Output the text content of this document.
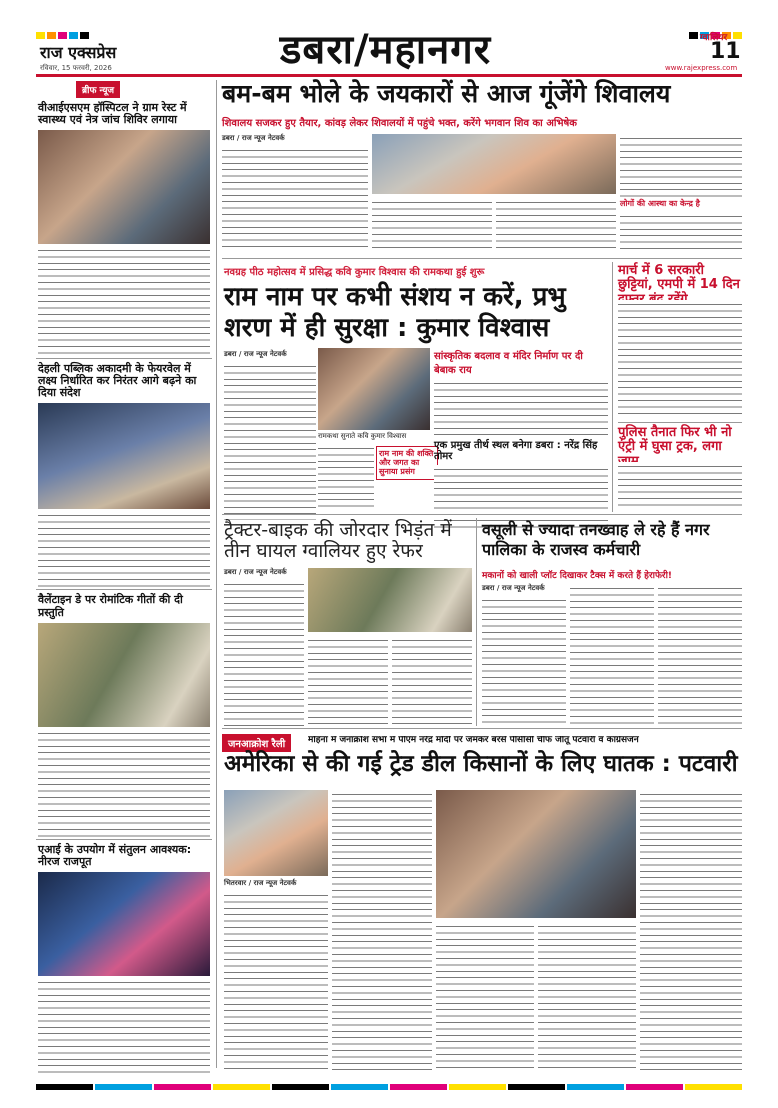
राज एक्सप्रेस
रविवार, 15 फरवरी, 2026	डबरा/महानगर	ग्वालियर
11
www.rajexpress.com
ब्रीफ न्यूज
वीआईएसएम हॉस्पिटल ने ग्राम रेस्ट में स्वास्थ्य एवं नेत्र जांच शिविर लगाया
देहली पब्लिक अकादमी के फेयरवेल में लक्ष्य निर्धारित कर निरंतर आगे बढ़ने का दिया संदेश
वैलेंटाइन डे पर रोमांटिक गीतों की दी प्रस्तुति
एआई के उपयोग में संतुलन आवश्यक: नीरज राजपूत
बम-बम भोले के जयकारों से आज गूंजेंगे शिवालय
शिवालय सजकर हुए तैयार, कांवड़ लेकर शिवालयों में पहुंचे भक्त, करेंगे भगवान शिव का अभिषेक
डबरा / राज न्यूज नेटवर्क
लोगों की आस्था का केन्द्र है
नवग्रह पीठ महोत्सव में प्रसिद्ध कवि कुमार विश्वास की रामकथा हुई शुरू
राम नाम पर कभी संशय न करें, प्रभु शरण में ही सुरक्षा : कुमार विश्वास
डबरा / राज न्यूज नेटवर्क
रामकथा सुनाते कवि कुमार विश्वास
राम नाम की शक्ति और जगत का सुनाया प्रसंग
सांस्कृतिक बदलाव व मंदिर निर्माण पर दी बेबाक राय
एक प्रमुख तीर्थ स्थल बनेगा डबरा : नरेंद्र सिंह तोमर
मार्च में 6 सरकारी छुट्टियां, एमपी में 14 दिन
पुलिस तैनात फिर भी नो एंट्री में घुसा ट्रक, लगा
ट्रैक्टर-बाइक की जोरदार भिड़ंत में तीन घायल ग्वालियर हुए रेफर
डबरा / राज न्यूज नेटवर्क
वसूली से ज्यादा तनख्वाह ले रहे हैं नगर पालिका के राजस्व कर्मचारी
मकानों को खाली प्लॉट दिखाकर टैक्स में करते हैं हेराफेरी!
डबरा / राज न्यूज नेटवर्क
जनआक्रोश रैली	मोहना में जनाक्रोश सभा में पीएम नरेंद्र मोदी पर जमकर बरसे पीसीसी चीफ जीतू पटवारी व कांग्रेसजन
अमेरिका से की गई ट्रेड डील किसानों के लिए घातक : पटवारी
भितरवार / राज न्यूज नेटवर्क
